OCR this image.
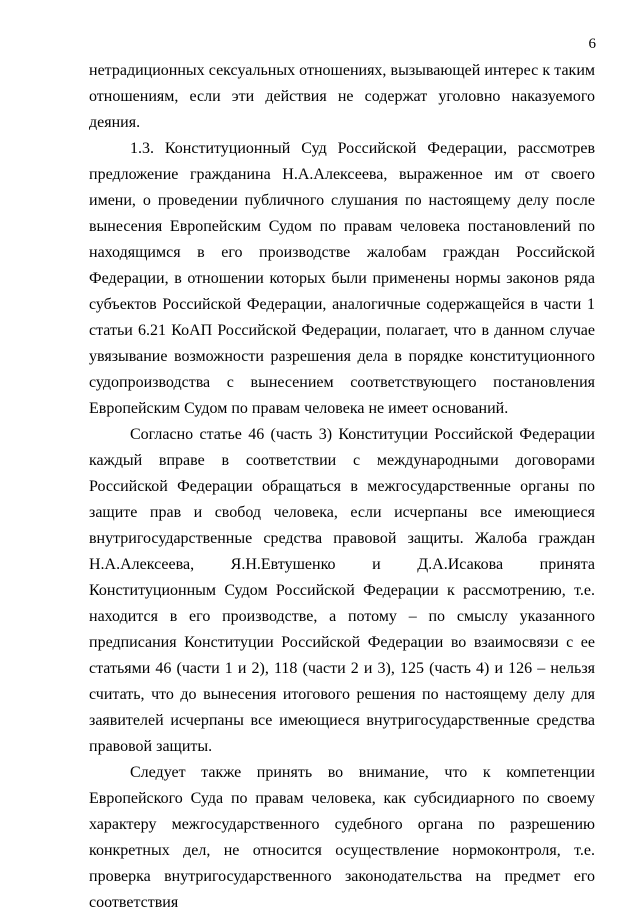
6

нетрадиционных сексуальных отношениях, вызывающей интерес к таким отношениям, если эти действия не содержат уголовно наказуемого деяния.

1.3. Конституционный Суд Российской Федерации, рассмотрев предложение гражданина Н.А.Алексеева, выраженное им от своего имени, о проведении публичного слушания по настоящему делу после вынесения Европейским Судом по правам человека постановлений по находящимся в его производстве жалобам граждан Российской Федерации, в отношении которых были применены нормы законов ряда субъектов Российской Федерации, аналогичные содержащейся в части 1 статьи 6.21 КоАП Российской Федерации, полагает, что в данном случае увязывание возможности разрешения дела в порядке конституционного судопроизводства с вынесением соответствующего постановления Европейским Судом по правам человека не имеет оснований.

Согласно статье 46 (часть 3) Конституции Российской Федерации каждый вправе в соответствии с международными договорами Российской Федерации обращаться в межгосударственные органы по защите прав и свобод человека, если исчерпаны все имеющиеся внутригосударственные средства правовой защиты. Жалоба граждан Н.А.Алексеева, Я.Н.Евтушенко и Д.А.Исакова принята Конституционным Судом Российской Федерации к рассмотрению, т.е. находится в его производстве, а потому – по смыслу указанного предписания Конституции Российской Федерации во взаимосвязи с ее статьями 46 (части 1 и 2), 118 (части 2 и 3), 125 (часть 4) и 126 – нельзя считать, что до вынесения итогового решения по настоящему делу для заявителей исчерпаны все имеющиеся внутригосударственные средства правовой защиты.

Следует также принять во внимание, что к компетенции Европейского Суда по правам человека, как субсидиарного по своему характеру межгосударственного судебного органа по разрешению конкретных дел, не относится осуществление нормоконтроля, т.е. проверка внутригосударственного законодательства на предмет его соответствия
